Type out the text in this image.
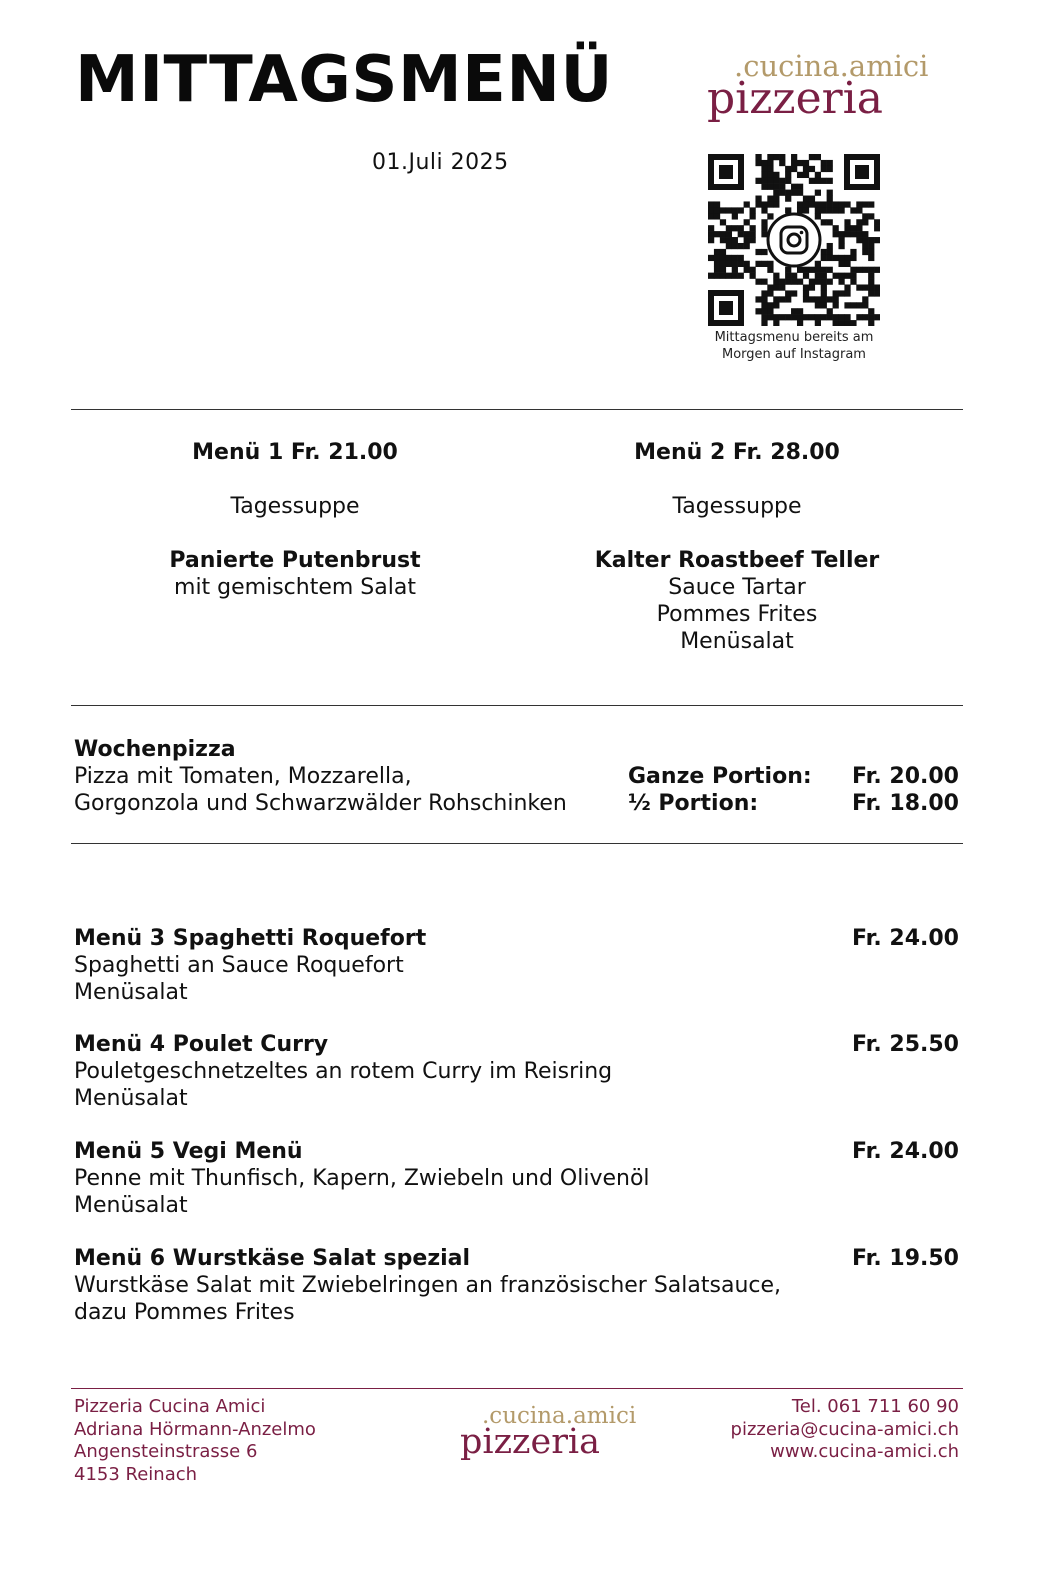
MITTAGSMENÜ
01.Juli 2025
.cucina.amici
pizzeria
Mittagsmenu bereits am
Morgen auf Instagram
Menü 1 Fr. 21.00
Tagessuppe
Panierte Putenbrust
mit gemischtem Salat
Menü 2 Fr. 28.00
Tagessuppe
Kalter Roastbeef Teller
Sauce Tartar
Pommes Frites
Menüsalat
Wochenpizza
Pizza mit Tomaten, Mozzarella,
Gorgonzola und Schwarzwälder Rohschinken
Ganze Portion:
½ Portion:
Fr. 20.00
Fr. 18.00
Menü 3 Spaghetti Roquefort
Spaghetti an Sauce Roquefort
Menüsalat
Fr. 24.00
Menü 4 Poulet Curry
Pouletgeschnetzeltes an rotem Curry im Reisring
Menüsalat
Fr. 25.50
Menü 5 Vegi Menü
Penne mit Thunfisch, Kapern, Zwiebeln und Olivenöl
Menüsalat
Fr. 24.00
Menü 6 Wurstkäse Salat spezial
Wurstkäse Salat mit Zwiebelringen an französischer Salatsauce,
dazu Pommes Frites
Fr. 19.50
Pizzeria Cucina Amici
Adriana Hörmann-Anzelmo
Angensteinstrasse 6
4153 Reinach
.cucina.amici
pizzeria
Tel. 061 711 60 90
pizzeria@cucina-amici.ch
www.cucina-amici.ch
